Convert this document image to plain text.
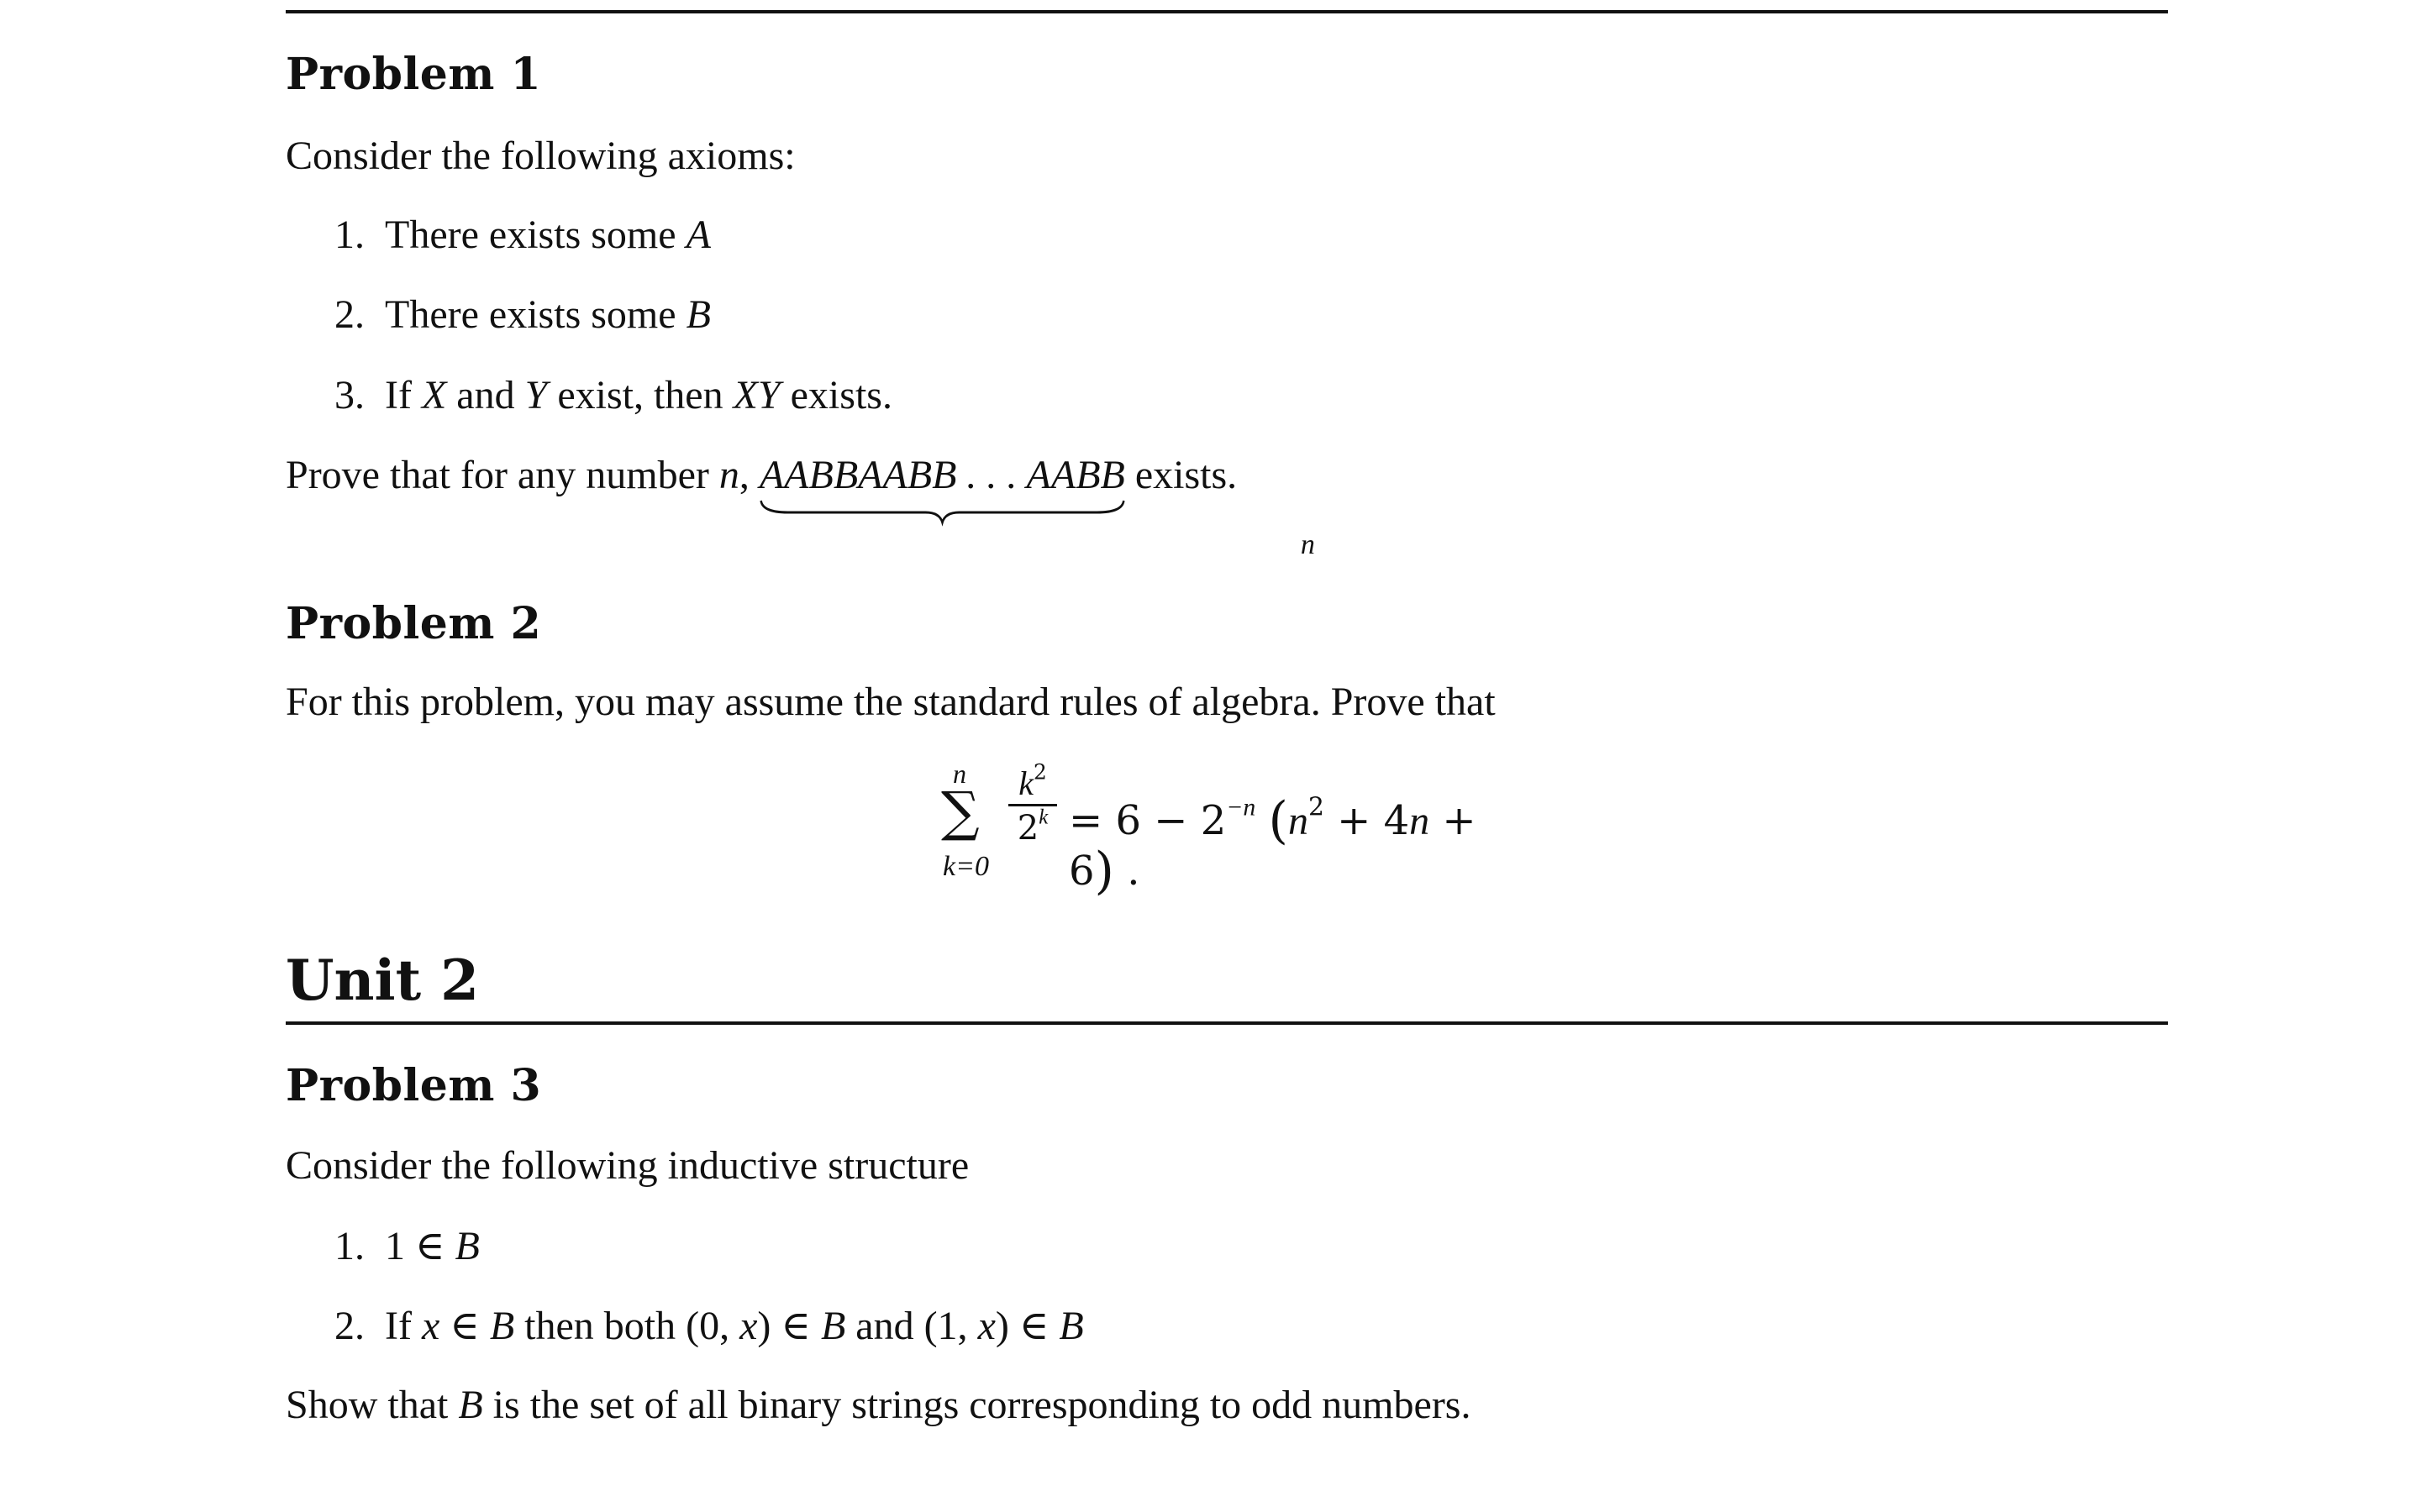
Problem 1
Consider the following axioms:
1. There exists some A
2. There exists some B
3. If X and Y exist, then XY exists.
Prove that for any number n, AABBAABB . . . AABB
n
exists.
Problem 2
For this problem, you may assume the standard rules of algebra. Prove that
n
∑
k=0
$k^2$
$2^k = 6 - 2^{-n}$ $(n^2 + 4n + 6)$ .
Unit 2
Problem 3
Consider the following inductive structure
1. 1 ∈ B
2. If x ∈ B then both (0, x) ∈ B and (1, x) ∈ B
Show that B is the set of all binary strings corresponding to odd numbers.
